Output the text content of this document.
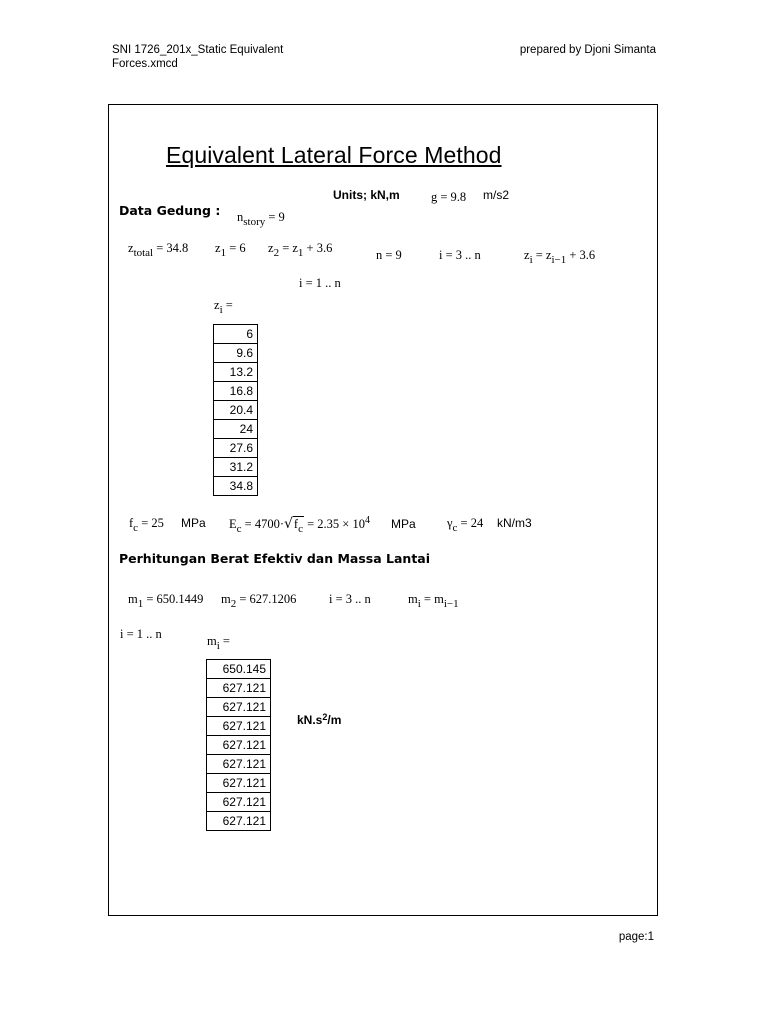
SNI 1726_201x_Static Equivalent
Forces.xmcd
prepared by Djoni Simanta
Equivalent Lateral Force Method
Units; kN,m	g = 9.8 m/s2
Data Gedung : $n_{story} = 9$
$z_{total} = 34.8$ $z_1 = 6$ $z_2 = z_1 + 3.6$	n = 9	i = 3 .. n	$z_i = z_{i-1} + 3.6$
i = 1 .. n
$z_i$ =
6
9.6
13.2
16.8
20.4
24
27.6
31.2
34.8
$f_c = 25$ MPa $E_c = 4700\cdot√f_c = 2.35 \times 10^4$ MPa	$\gamma_c = 24$ kN/m3
Perhitungan Berat Efektiv dan Massa Lantai
$m_1 = 650.1449$ $m_2 = 627.1206$	i = 3 .. n	$m_i = m_{i-1}$
i = 1 .. n	$m_i$ =
650.145
627.121
627.121
627.121
627.121
627.121
627.121
627.121
627.121
$kN.s^2/m$
page:1
